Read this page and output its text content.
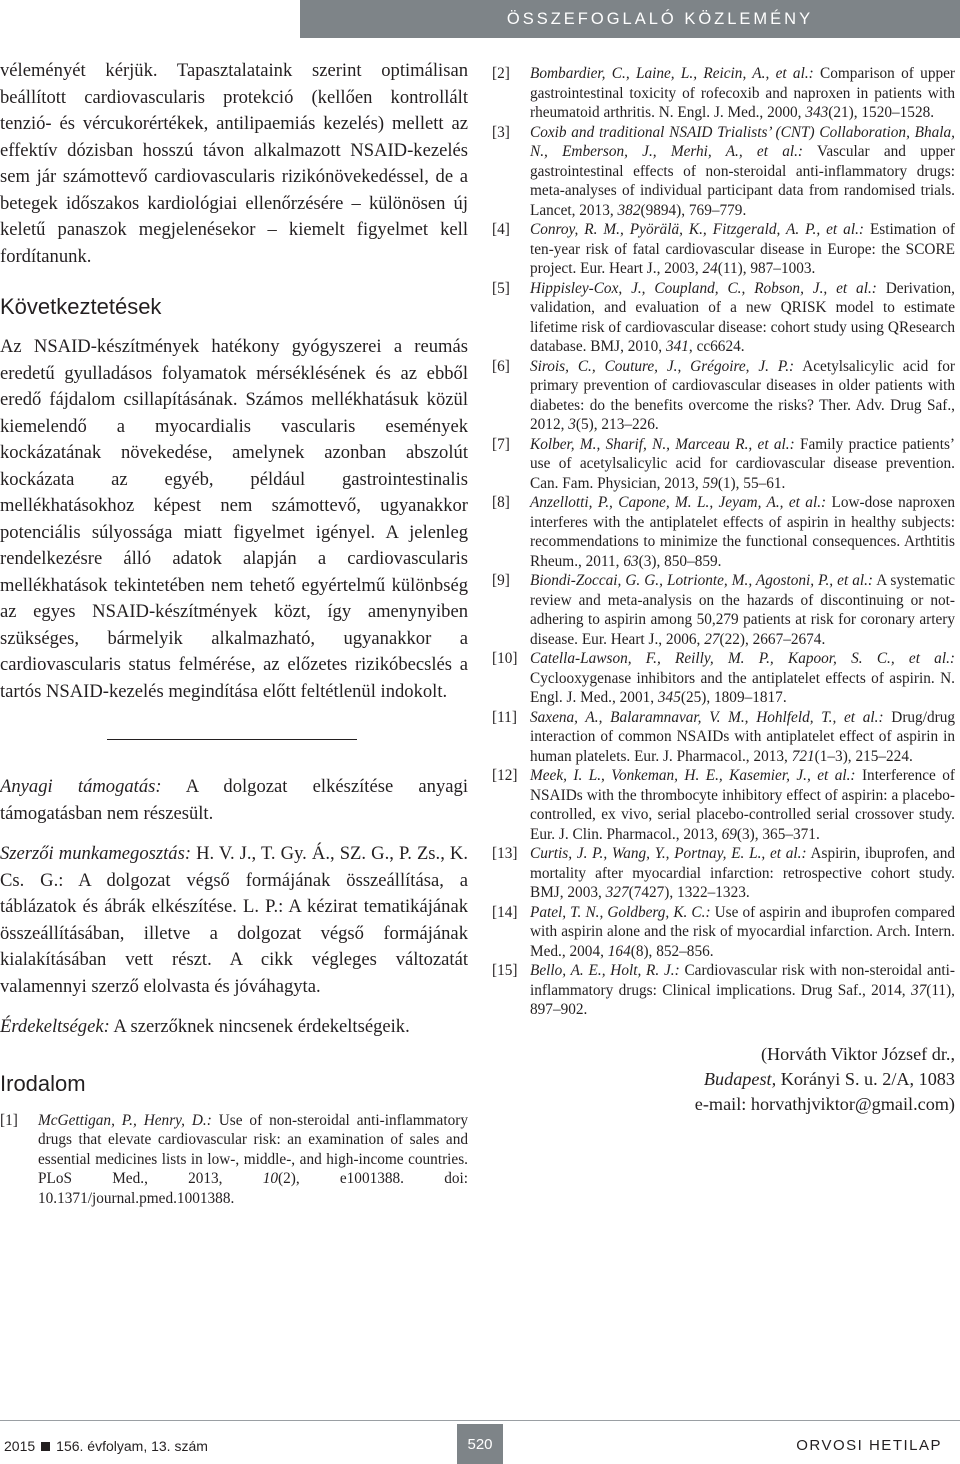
ÖSSZEFOGLALÓ KÖZLEMÉNY

véleményét kérjük. Tapasztalataink szerint optimálisan beállított cardiovascularis protekció (kellően kontrollált tenzió- és vércukorértékek, antilipaemiás kezelés) mellett az effektív dózisban hosszú távon alkalmazott NSAID-kezelés sem jár számottevő cardiovascularis rizikónövekedéssel, de a betegek időszakos kardiológiai ellenőrzésére – különösen új keletű panaszok megjelenésekor – kiemelt figyelmet kell fordítanunk.

Következtetések

Az NSAID-készítmények hatékony gyógyszerei a reumás eredetű gyulladásos folyamatok mérséklésének és az ebből eredő fájdalom csillapításának. Számos mellékhatásuk közül kiemelendő a myocardialis vascularis események kockázatának növekedése, amelynek azonban abszolút kockázata az egyéb, például gastrointestinalis mellékhatásokhoz képest nem számottevő, ugyanakkor potenciális súlyossága miatt figyelmet igényel. A jelenleg rendelkezésre álló adatok alapján a cardiovascularis mellékhatások tekintetében nem tehető egyértelmű különbség az egyes NSAID-készítmények közt, így amenynyiben szükséges, bármelyik alkalmazható, ugyanakkor a cardiovascularis status felmérése, az előzetes rizikóbecslés a tartós NSAID-kezelés megindítása előtt feltétlenül indokolt.

Anyagi támogatás: A dolgozat elkészítése anyagi támogatásban nem részesült.

Szerzői munkamegosztás: H. V. J., T. Gy. Á., SZ. G., P. Zs., K. Cs. G.: A dolgozat végső formájának összeállítása, a táblázatok és ábrák elkészítése. L. P.: A kézirat tematikájának összeállításában, illetve a dolgozat végső formájának kialakításában vett részt. A cikk végleges változatát valamennyi szerző elolvasta és jóváhagyta.

Érdekeltségek: A szerzőknek nincsenek érdekeltségeik.

Irodalom
[1]	McGettigan, P., Henry, D.: Use of non-steroidal anti-inflammatory drugs that elevate cardiovascular risk: an examination of sales and essential medicines lists in low-, middle-, and high-income countries. PLoS Med., 2013, 10(2), e1001388. doi: 10.1371/journal.pmed.1001388.
[2]	Bombardier, C., Laine, L., Reicin, A., et al.: Comparison of upper gastrointestinal toxicity of rofecoxib and naproxen in patients with rheumatoid arthritis. N. Engl. J. Med., 2000, 343(21), 1520–1528.
[3]	Coxib and traditional NSAID Trialists’ (CNT) Collaboration, Bhala, N., Emberson, J., Merhi, A., et al.: Vascular and upper gastrointestinal effects of non-steroidal anti-inflammatory drugs: meta-analyses of individual participant data from randomised trials. Lancet, 2013, 382(9894), 769–779.
[4]	Conroy, R. M., Pyörälä, K., Fitzgerald, A. P., et al.: Estimation of ten-year risk of fatal cardiovascular disease in Europe: the SCORE project. Eur. Heart J., 2003, 24(11), 987–1003.
[5]	Hippisley-Cox, J., Coupland, C., Robson, J., et al.: Derivation, validation, and evaluation of a new QRISK model to estimate lifetime risk of cardiovascular disease: cohort study using QResearch database. BMJ, 2010, 341, cc6624.
[6]	Sirois, C., Couture, J., Grégoire, J. P.: Acetylsalicylic acid for primary prevention of cardiovascular diseases in older patients with diabetes: do the benefits overcome the risks? Ther. Adv. Drug Saf., 2012, 3(5), 213–226.
[7]	Kolber, M., Sharif, N., Marceau R., et al.: Family practice patients’ use of acetylsalicylic acid for cardiovascular disease prevention. Can. Fam. Physician, 2013, 59(1), 55–61.
[8]	Anzellotti, P., Capone, M. L., Jeyam, A., et al.: Low-dose naproxen interferes with the antiplatelet effects of aspirin in healthy subjects: recommendations to minimize the functional consequences. Arthtitis Rheum., 2011, 63(3), 850–859.
[9]	Biondi-Zoccai, G. G., Lotrionte, M., Agostoni, P., et al.: A systematic review and meta-analysis on the hazards of discontinuing or not-adhering to aspirin among 50,279 patients at risk for coronary artery disease. Eur. Heart J., 2006, 27(22), 2667–2674.
[10] Catella-Lawson, F., Reilly, M. P., Kapoor, S. C., et al.: Cyclooxygenase inhibitors and the antiplatelet effects of aspirin. N. Engl. J. Med., 2001, 345(25), 1809–1817.
[11] Saxena, A., Balaramnavar, V. M., Hohlfeld, T., et al.: Drug/drug interaction of common NSAIDs with antiplatelet effect of aspirin in human platelets. Eur. J. Pharmacol., 2013, 721(1–3), 215–224.
[12] Meek, I. L., Vonkeman, H. E., Kasemier, J., et al.: Interference of NSAIDs with the thrombocyte inhibitory effect of aspirin: a placebo-controlled, ex vivo, serial placebo-controlled serial crossover study. Eur. J. Clin. Pharmacol., 2013, 69(3), 365–371.
[13] Curtis, J. P., Wang, Y., Portnay, E. L., et al.: Aspirin, ibuprofen, and mortality after myocardial infarction: retrospective cohort study. BMJ, 2003, 327(7427), 1322–1323.
[14] Patel, T. N., Goldberg, K. C.: Use of aspirin and ibuprofen compared with aspirin alone and the risk of myocardial infarction. Arch. Intern. Med., 2004, 164(8), 852–856.
[15] Bello, A. E., Holt, R. J.: Cardiovascular risk with non-steroidal anti-inflammatory drugs: Clinical implications. Drug Saf., 2014, 37(11), 897–902.
(Horváth Viktor József dr.,
Budapest, Korányi S. u. 2/A, 1083
e-mail: horvathjviktor@gmail.com)
2015 156. évfolyam, 13. szám	520	ORVOSI HETILAP
